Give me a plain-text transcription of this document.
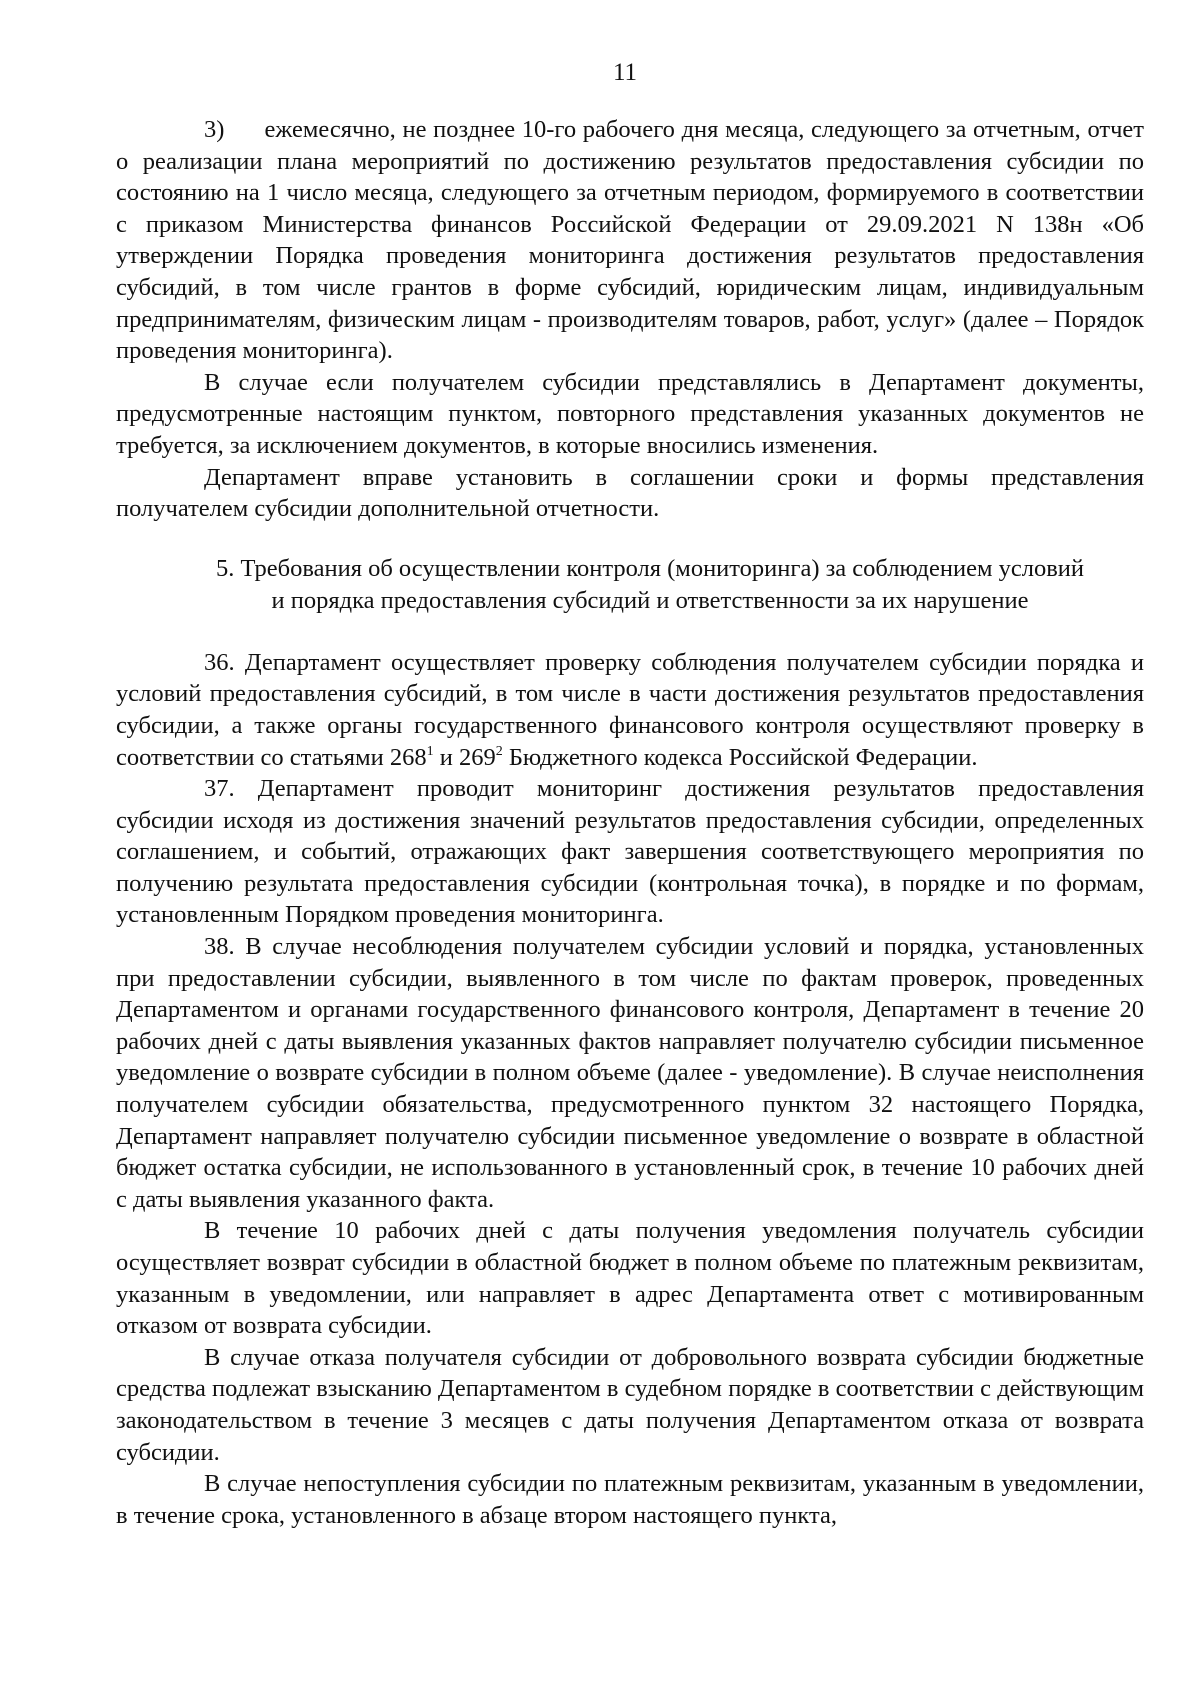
11

3)      ежемесячно, не позднее 10-го рабочего дня месяца, следующего за отчетным, отчет о реализации плана мероприятий по достижению результатов предоставления субсидии по состоянию на 1 число месяца, следующего за отчетным периодом, формируемого в соответствии с приказом Министерства финансов Российской Федерации от 29.09.2021 N 138н «Об утверждении Порядка проведения мониторинга достижения результатов предоставления субсидий, в том числе грантов в форме субсидий, юридическим лицам, индивидуальным предпринимателям, физическим лицам - производителям товаров, работ, услуг» (далее – Порядок проведения мониторинга).

В случае если получателем субсидии представлялись в Департамент документы, предусмотренные настоящим пунктом, повторного представления указанных документов не требуется, за исключением документов, в которые вносились изменения.

Департамент вправе установить в соглашении сроки и формы представления получателем субсидии дополнительной отчетности.

5. Требования об осуществлении контроля (мониторинга) за соблюдением условий

и порядка предоставления субсидий и ответственности за их нарушение

36. Департамент осуществляет проверку соблюдения получателем субсидии порядка и условий предоставления субсидий, в том числе в части достижения результатов предоставления субсидии, а также органы государственного финансового контроля осуществляют проверку в соответствии со статьями $268^1$ и $269^2$ Бюджетного кодекса Российской Федерации.

37. Департамент проводит мониторинг достижения результатов предоставления субсидии исходя из достижения значений результатов предоставления субсидии, определенных соглашением, и событий, отражающих факт завершения соответствующего мероприятия по получению результата предоставления субсидии (контрольная точка), в порядке и по формам, установленным Порядком проведения мониторинга.

38. В случае несоблюдения получателем субсидии условий и порядка, установленных при предоставлении субсидии, выявленного в том числе по фактам проверок, проведенных Департаментом и органами государственного финансового контроля, Департамент в течение 20 рабочих дней с даты выявления указанных фактов направляет получателю субсидии письменное уведомление о возврате субсидии в полном объеме (далее - уведомление). В случае неисполнения получателем субсидии обязательства, предусмотренного пунктом 32 настоящего Порядка, Департамент направляет получателю субсидии письменное уведомление о возврате в областной бюджет остатка субсидии, не использованного в установленный срок, в течение 10 рабочих дней с даты выявления указанного факта.

В течение 10 рабочих дней с даты получения уведомления получатель субсидии осуществляет возврат субсидии в областной бюджет в полном объеме по платежным реквизитам, указанным в уведомлении, или направляет в адрес Департамента ответ с мотивированным отказом от возврата субсидии.

В случае отказа получателя субсидии от добровольного возврата субсидии бюджетные средства подлежат взысканию Департаментом в судебном порядке в соответствии с действующим законодательством в течение 3 месяцев с даты получения Департаментом отказа от возврата субсидии.

В случае непоступления субсидии по платежным реквизитам, указанным в уведомлении, в течение срока, установленного в абзаце втором настоящего пункта,
